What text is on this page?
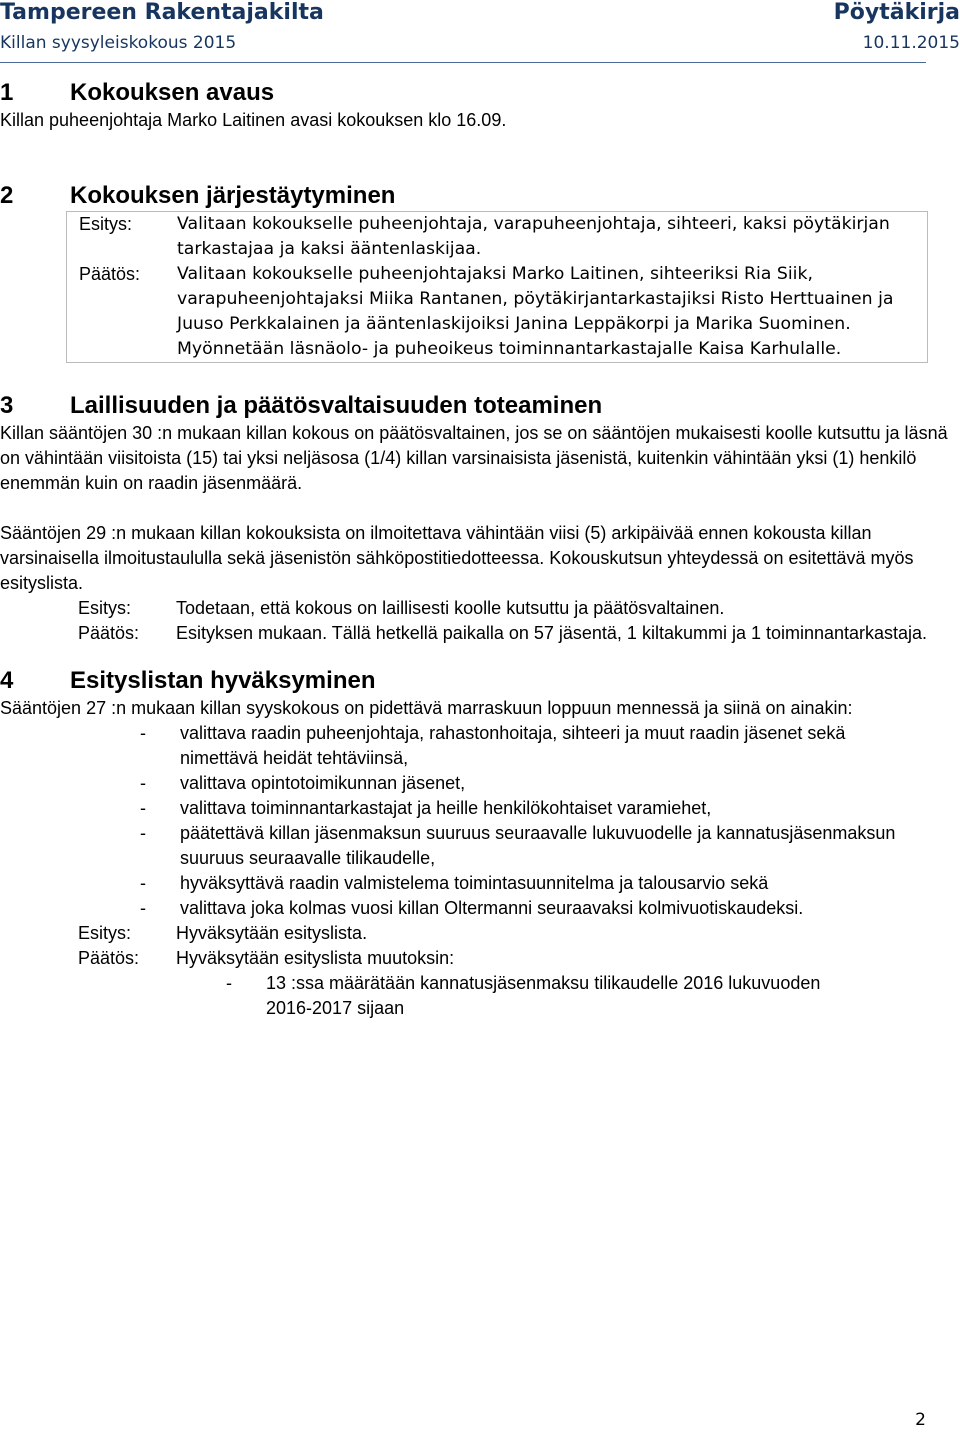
Tampereen Rakentajakilta
Killan syysyleiskokous 2015
Pöytäkirja
10.11.2015
1 Kokouksen avaus

Killan puheenjohtaja Marko Laitinen avasi kokouksen klo 16.09.

2 Kokouksen järjestäytyminen
Esitys:	Valitaan kokoukselle puheenjohtaja, varapuheenjohtaja, sihteeri, kaksi pöytäkirjan tarkastajaa ja kaksi ääntenlaskijaa.
Päätös:	Valitaan kokoukselle puheenjohtajaksi Marko Laitinen, sihteeriksi Ria Siik, varapuheenjohtajaksi Miika Rantanen, pöytäkirjantarkastajiksi Risto Herttuainen ja Juuso Perkkalainen ja ääntenlaskijoiksi Janina Leppäkorpi ja Marika Suominen. Myönnetään läsnäolo- ja puheoikeus toiminnantarkastajalle Kaisa Karhulalle.
3 Laillisuuden ja päätösvaltaisuuden toteaminen

Killan sääntöjen 30 :n mukaan killan kokous on päätösvaltainen, jos se on sääntöjen mukaisesti koolle kutsuttu ja läsnä on vähintään viisitoista (15) tai yksi neljäsosa (1/4) killan varsinaisista jäsenistä, kuitenkin vähintään yksi (1) henkilö enemmän kuin on raadin jäsenmäärä.

Sääntöjen 29 :n mukaan killan kokouksista on ilmoitettava vähintään viisi (5) arkipäivää ennen kokousta killan varsinaisella ilmoitustaululla sekä jäsenistön sähköpostitiedotteessa. Kokouskutsun yhteydessä on esitettävä myös esityslista.

Esitys:	Todetaan, että kokous on laillisesti koolle kutsuttu ja päätösvaltainen.
Päätös:	Esityksen mukaan. Tällä hetkellä paikalla on 57 jäsentä, 1 kiltakummi ja 1 toiminnantarkastaja.
4 Esityslistan hyväksyminen

Sääntöjen 27 :n mukaan killan syyskokous on pidettävä marraskuun loppuun mennessä ja siinä on ainakin:

-	valittava raadin puheenjohtaja, rahastonhoitaja, sihteeri ja muut raadin jäsenet sekä nimettävä heidät tehtäviinsä,
-	valittava opintotoimikunnan jäsenet,
-	valittava toiminnantarkastajat ja heille henkilökohtaiset varamiehet,
-	päätettävä killan jäsenmaksun suuruus seuraavalle lukuvuodelle ja kannatusjäsenmaksun suuruus seuraavalle tilikaudelle,
-	hyväksyttävä raadin valmistelema toimintasuunnitelma ja talousarvio sekä
-	valittava joka kolmas vuosi killan Oltermanni seuraavaksi kolmivuotiskaudeksi.
Esitys:	Hyväksytään esityslista.
Päätös:	Hyväksytään esityslista muutoksin:
-	13 :ssa määrätään kannatusjäsenmaksu tilikaudelle 2016 lukuvuoden 2016-2017 sijaan
2
